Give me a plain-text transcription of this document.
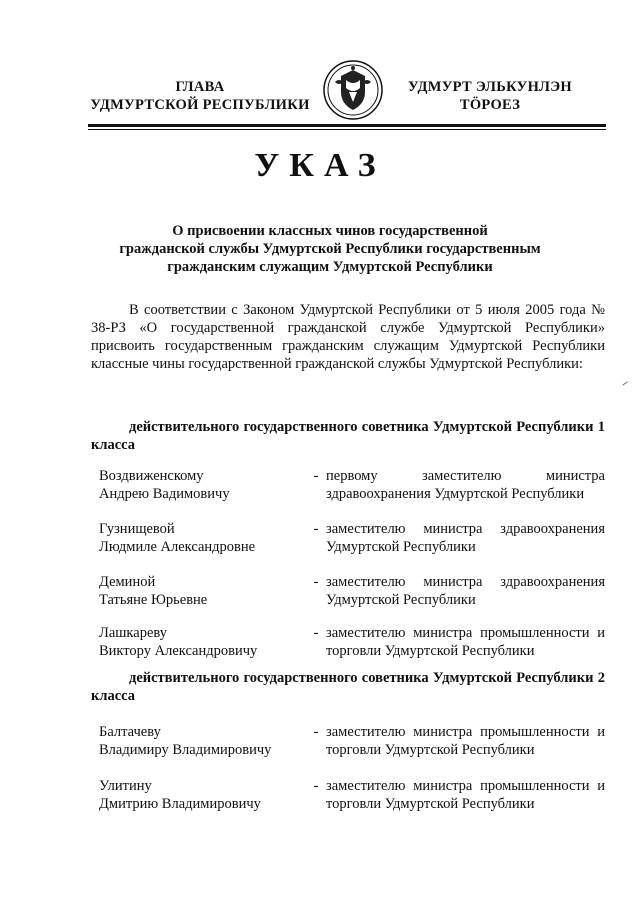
ГЛАВА
УДМУРТСКОЙ РЕСПУБЛИКИ
УДМУРТ ЭЛЬКУНЛЭН
ТӦРОЕЗ
УКАЗ
О присвоении классных чинов государственной
гражданской службы Удмуртской Республики государственным
гражданским служащим Удмуртской Республики
В соответствии с Законом Удмуртской Республики от 5 июля 2005 года № 38-РЗ «О государственной гражданской службе Удмуртской Республики» присвоить государственным гражданским служащим Удмуртской Республики классные чины государственной гражданской службы Удмуртской Республики:
действительного государственного советника Удмуртской Республики 1 класса
Воздвиженскому
Андрею Вадимовичу
- первому заместителю министра здравоохранения Удмуртской Республики
Гузнищевой
Людмиле Александровне
- заместителю министра здравоохранения Удмуртской Республики
Деминой
Татьяне Юрьевне
- заместителю министра здравоохранения Удмуртской Республики
Лашкареву
Виктору Александровичу
- заместителю министра промышленности и торговли Удмуртской Республики
действительного государственного советника Удмуртской Республики 2 класса
Балтачеву
Владимиру Владимировичу
- заместителю министра промышленности и торговли Удмуртской Республики
Улитину
Дмитрию Владимировичу
- заместителю министра промышленности и торговли Удмуртской Республики
